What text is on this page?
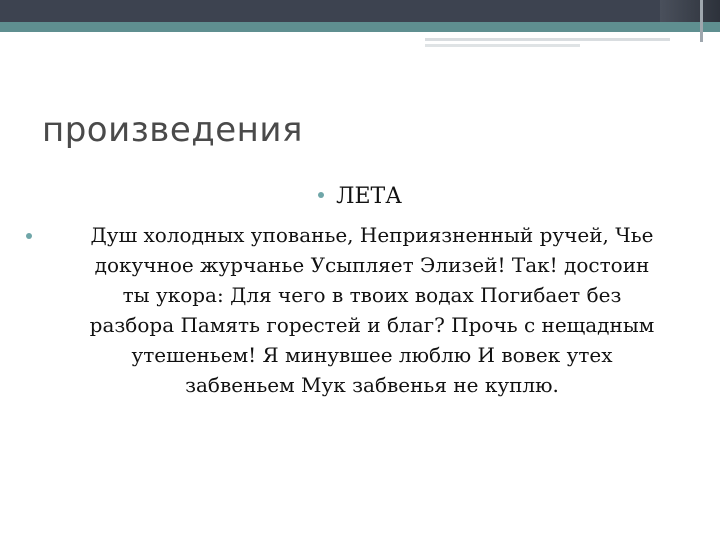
произведения
ЛЕТА
Душ холодных упованье, Неприязненный ручей, Чье
докучное журчанье Усыпляет Элизей! Так! достоин
ты укора: Для чего в твоих водах Погибает без
разбора Память горестей и благ? Прочь с нещадным
утешеньем! Я минувшее люблю И вовек утех
забвеньем Мук забвенья не куплю.
